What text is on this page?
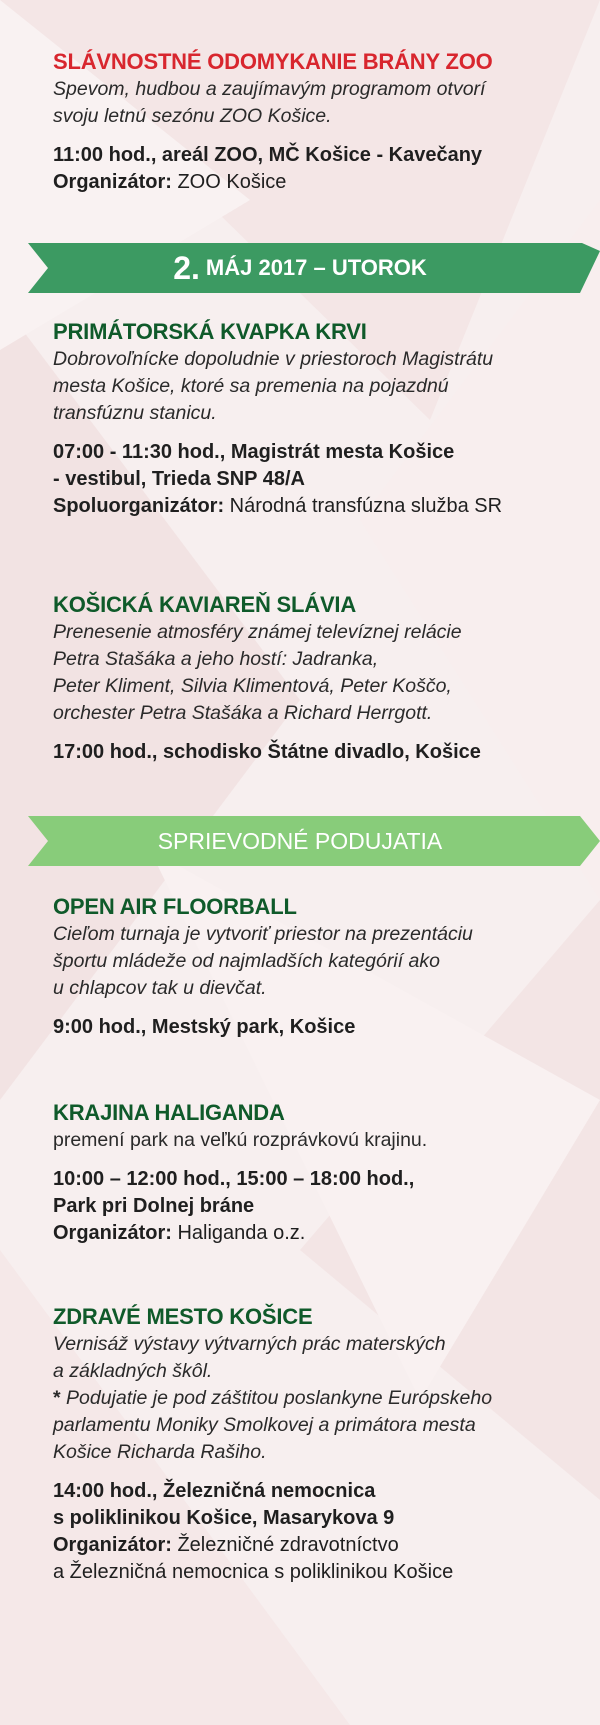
SLÁVNOSTNÉ ODOMYKANIE BRÁNY ZOO
Spevom, hudbou a zaujímavým programom otvorí
svoju letnú sezónu ZOO Košice.
11:00 hod., areál ZOO, MČ Košice - Kavečany
Organizátor: ZOO Košice
2. MÁJ 2017 – UTOROK
PRIMÁTORSKÁ KVAPKA KRVI
Dobrovoľnícke dopoludnie v priestoroch Magistrátu
mesta Košice, ktoré sa premenia na pojazdnú
transfúznu stanicu.
07:00 - 11:30 hod., Magistrát mesta Košice
- vestibul, Trieda SNP 48/A
Spoluorganizátor: Národná transfúzna služba SR
KOŠICKÁ KAVIAREŇ SLÁVIA
Prenesenie atmosféry známej televíznej relácie
Petra Stašáka a jeho hostí: Jadranka,
Peter Kliment, Silvia Klimentová, Peter Koščo,
orchester Petra Stašáka a Richard Herrgott.
17:00 hod., schodisko Štátne divadlo, Košice
SPRIEVODNÉ PODUJATIA
OPEN AIR FLOORBALL
Cieľom turnaja je vytvoriť priestor na prezentáciu
športu mládeže od najmladších kategórií ako
u chlapcov tak u dievčat.
9:00 hod., Mestský park, Košice
KRAJINA HALIGANDA
premení park na veľkú rozprávkovú krajinu.
10:00 – 12:00 hod., 15:00 – 18:00 hod.,
Park pri Dolnej bráne
Organizátor: Haliganda o.z.
ZDRAVÉ MESTO KOŠICE
Vernisáž výstavy výtvarných prác materských
a základných škôl.
* Podujatie je pod záštitou poslankyne Európskeho
parlamentu Moniky Smolkovej a primátora mesta
Košice Richarda Rašiho.
14:00 hod., Železničná nemocnica
s poliklinikou Košice, Masarykova 9
Organizátor: Železničné zdravotníctvo
a Železničná nemocnica s poliklinikou Košice
